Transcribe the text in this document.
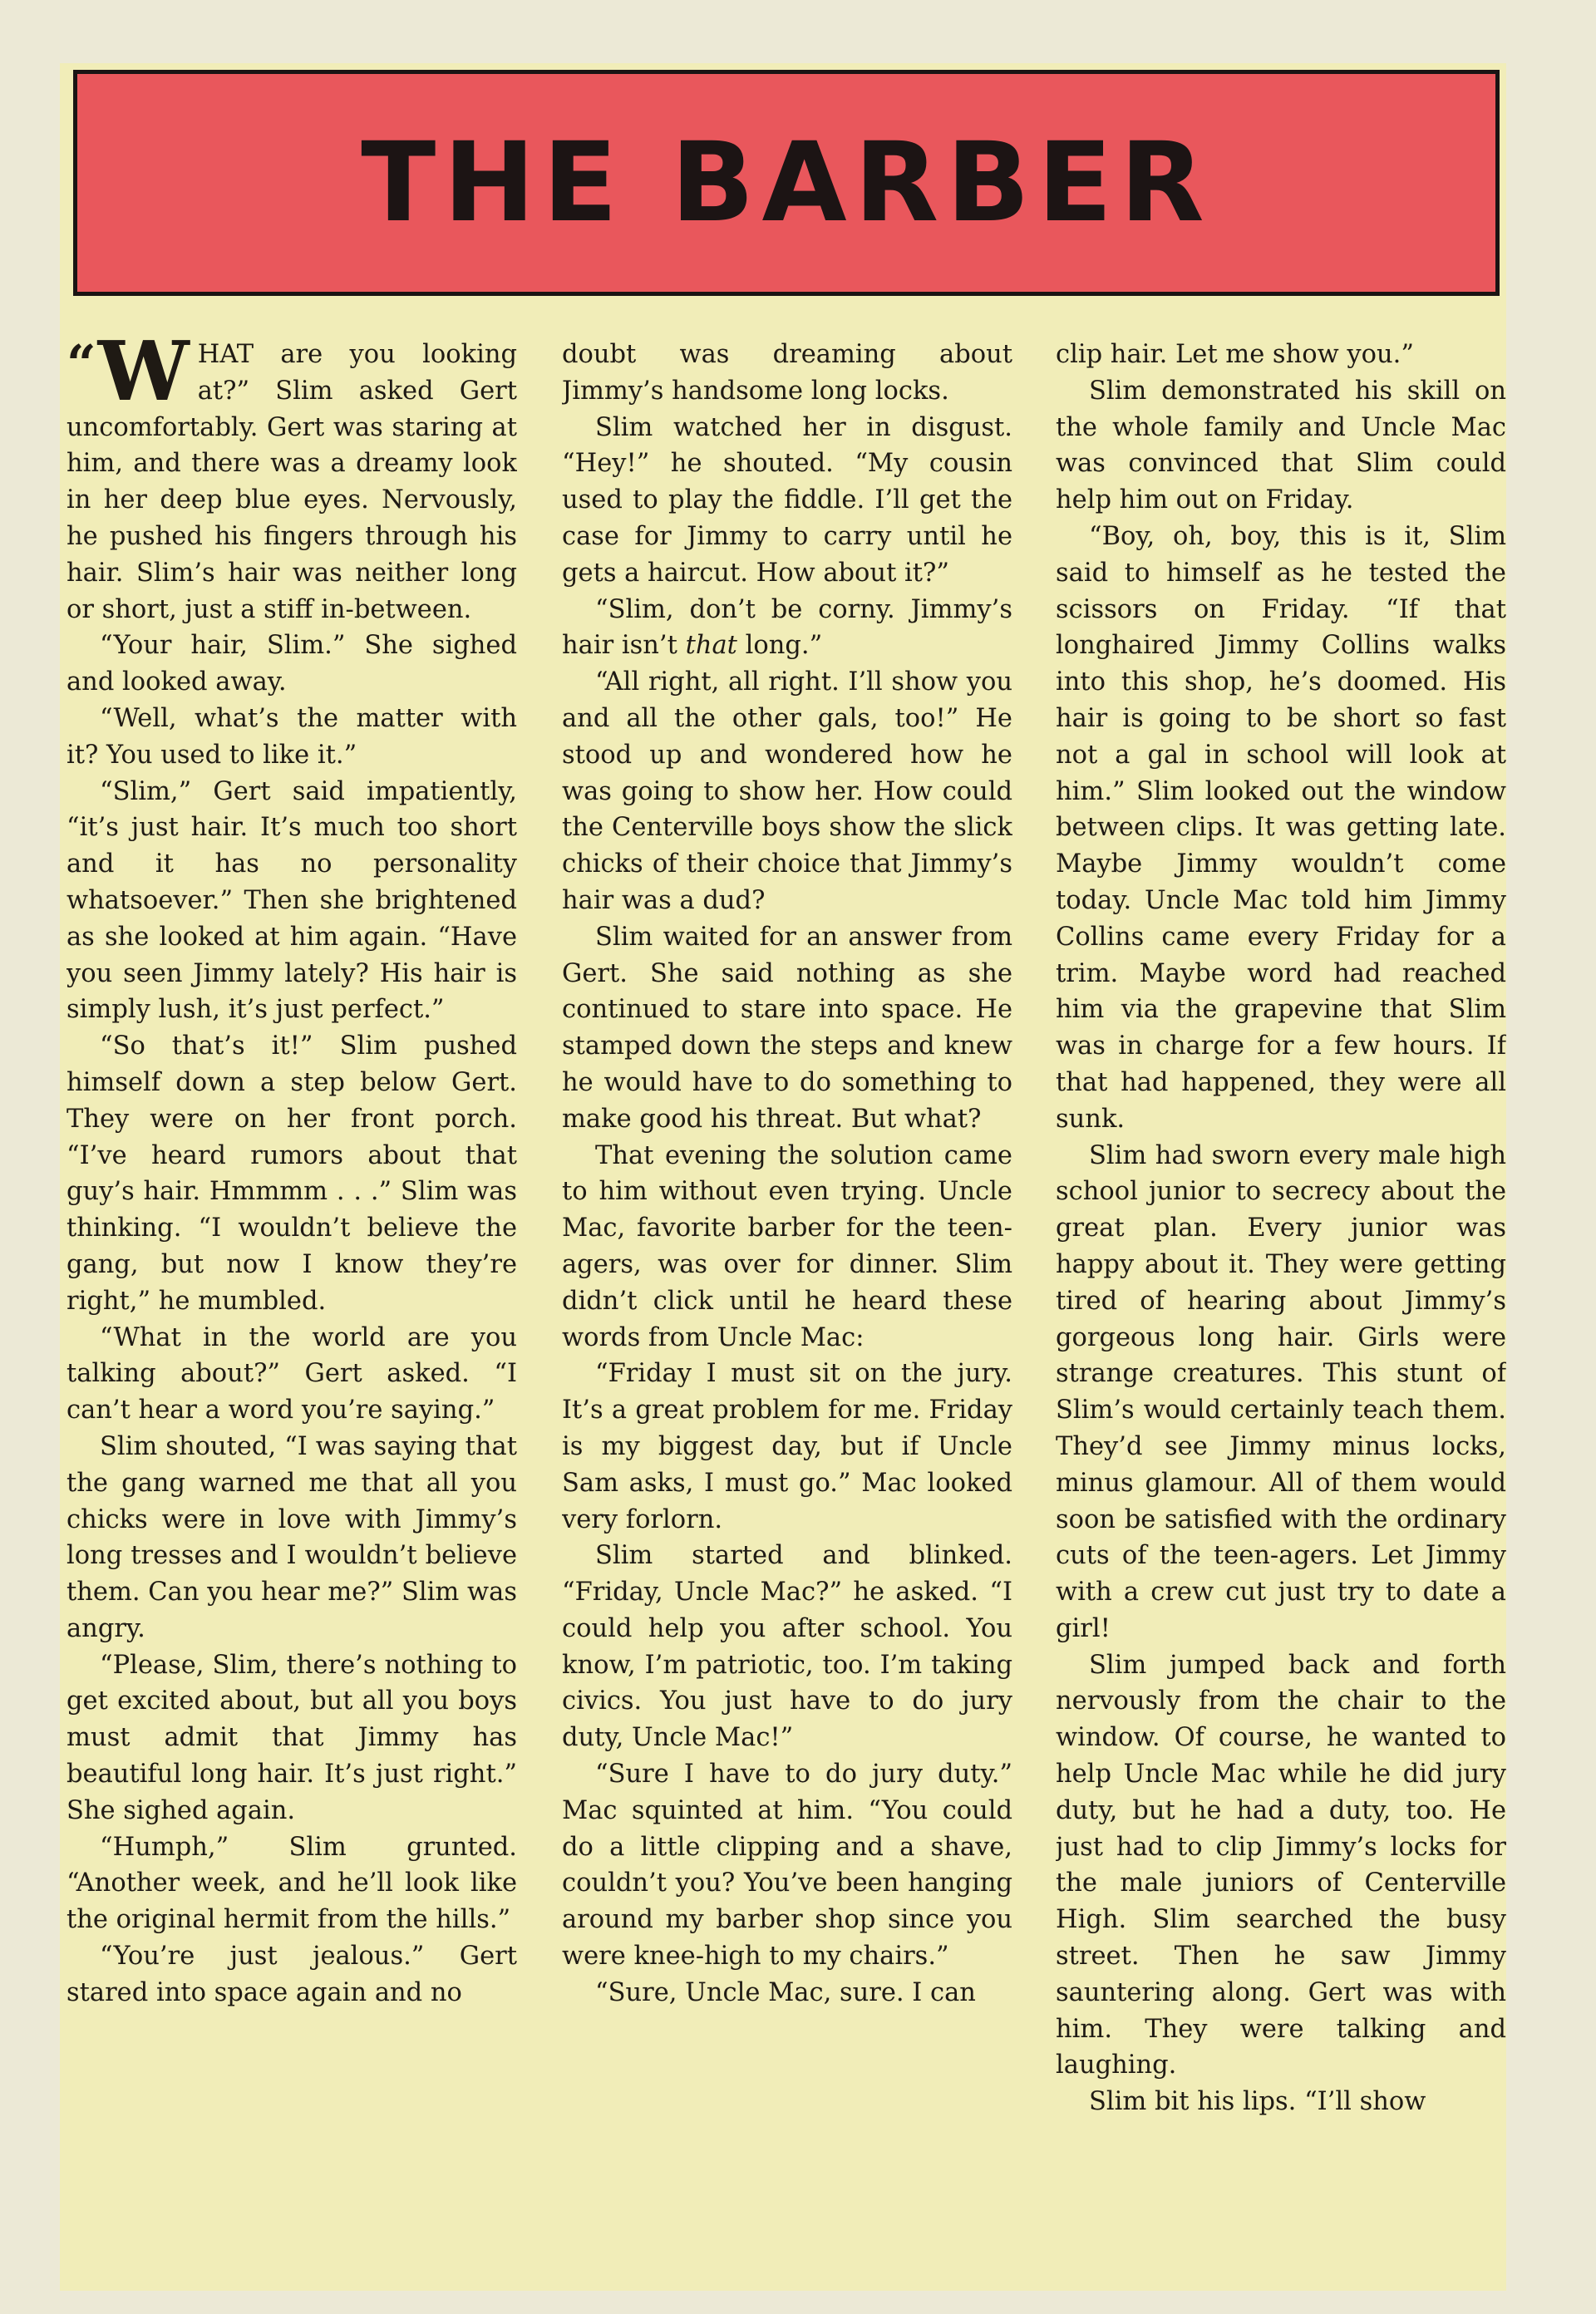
THE BARBER

“ W HAT are you looking at?” Slim asked Gert uncomfortably. Gert was staring at him, and there was a dreamy look in her deep blue eyes. Nervously, he pushed his fingers through his hair. Slim’s hair was neither long or short, just a stiff in-between.

“Your hair, Slim.” She sighed and looked away.

“Well, what’s the matter with it? You used to like it.”

“Slim,” Gert said impatiently, “it’s just hair. It’s much too short and it has no personality whatsoever.” Then she brightened as she looked at him again. “Have you seen Jimmy lately? His hair is simply lush, it’s just perfect.”

“So that’s it!” Slim pushed himself down a step below Gert. They were on her front porch. “I’ve heard rumors about that guy’s hair. Hmmmm . . .” Slim was thinking. “I wouldn’t believe the gang, but now I know they’re right,” he mumbled.

“What in the world are you talking about?” Gert asked. “I can’t hear a word you’re saying.”

Slim shouted, “I was saying that the gang warned me that all you chicks were in love with Jimmy’s long tresses and I wouldn’t believe them. Can you hear me?” Slim was angry.

“Please, Slim, there’s nothing to get excited about, but all you boys must admit that Jimmy has beautiful long hair. It’s just right.” She sighed again.

“Humph,” Slim grunted. “Another week, and he’ll look like the original hermit from the hills.”

“You’re just jealous.” Gert stared into space again and no

doubt was dreaming about Jimmy’s handsome long locks.

Slim watched her in disgust. “Hey!” he shouted. “My cousin used to play the fiddle. I’ll get the case for Jimmy to carry until he gets a haircut. How about it?”

“Slim, don’t be corny. Jimmy’s hair isn’t that long.”

“All right, all right. I’ll show you and all the other gals, too!” He stood up and wondered how he was going to show her. How could the Centerville boys show the slick chicks of their choice that Jimmy’s hair was a dud?

Slim waited for an answer from Gert. She said nothing as she continued to stare into space. He stamped down the steps and knew he would have to do something to make good his threat. But what?

That evening the solution came to him without even trying. Uncle Mac, favorite barber for the teen-agers, was over for dinner. Slim didn’t click until he heard these words from Uncle Mac:

“Friday I must sit on the jury. It’s a great problem for me. Friday is my biggest day, but if Uncle Sam asks, I must go.” Mac looked very forlorn.

Slim started and blinked. “Friday, Uncle Mac?” he asked. “I could help you after school. You know, I’m patriotic, too. I’m taking civics. You just have to do jury duty, Uncle Mac!”

“Sure I have to do jury duty.” Mac squinted at him. “You could do a little clipping and a shave, couldn’t you? You’ve been hanging around my barber shop since you were knee-high to my chairs.”

“Sure, Uncle Mac, sure. I can

clip hair. Let me show you.”

Slim demonstrated his skill on the whole family and Uncle Mac was convinced that Slim could help him out on Friday.

“Boy, oh, boy, this is it, Slim said to himself as he tested the scissors on Friday. “If that longhaired Jimmy Collins walks into this shop, he’s doomed. His hair is going to be short so fast not a gal in school will look at him.” Slim looked out the window between clips. It was getting late. Maybe Jimmy wouldn’t come today. Uncle Mac told him Jimmy Collins came every Friday for a trim. Maybe word had reached him via the grapevine that Slim was in charge for a few hours. If that had happened, they were all sunk.

Slim had sworn every male high school junior to secrecy about the great plan. Every junior was happy about it. They were getting tired of hearing about Jimmy’s gorgeous long hair. Girls were strange creatures. This stunt of Slim’s would certainly teach them. They’d see Jimmy minus locks, minus glamour. All of them would soon be satisfied with the ordinary cuts of the teen-agers. Let Jimmy with a crew cut just try to date a girl!

Slim jumped back and forth nervously from the chair to the window. Of course, he wanted to help Uncle Mac while he did jury duty, but he had a duty, too. He just had to clip Jimmy’s locks for the male juniors of Centerville High. Slim searched the busy street. Then he saw Jimmy sauntering along. Gert was with him. They were talking and laughing.

Slim bit his lips. “I’ll show
